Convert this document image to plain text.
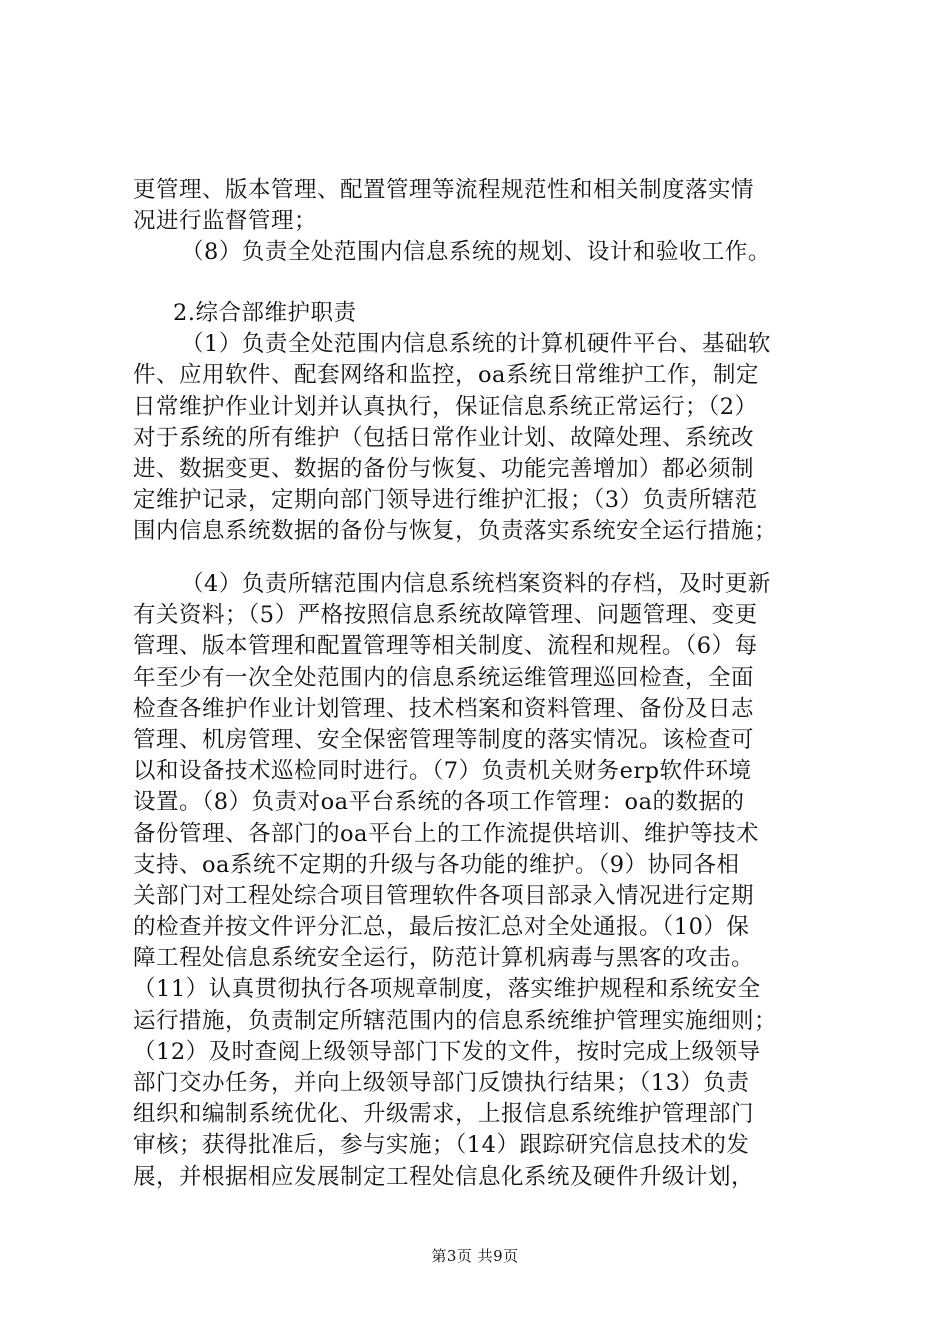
更管理、版本管理、配置管理等流程规范性和相关制度落实情
况进行监督管理；
（8）负责全处范围内信息系统的规划、设计和验收工作。
2.综合部维护职责
（1）负责全处范围内信息系统的计算机硬件平台、基础软
件、应用软件、配套网络和监控，oa系统日常维护工作，制定
日常维护作业计划并认真执行，保证信息系统正常运行；（2）
对于系统的所有维护（包括日常作业计划、故障处理、系统改
进、数据变更、数据的备份与恢复、功能完善增加）都必须制
定维护记录，定期向部门领导进行维护汇报；（3）负责所辖范
围内信息系统数据的备份与恢复，负责落实系统安全运行措施；
（4）负责所辖范围内信息系统档案资料的存档，及时更新
有关资料；（5）严格按照信息系统故障管理、问题管理、变更
管理、版本管理和配置管理等相关制度、流程和规程。（6）每
年至少有一次全处范围内的信息系统运维管理巡回检查，全面
检查各维护作业计划管理、技术档案和资料管理、备份及日志
管理、机房管理、安全保密管理等制度的落实情况。该检查可
以和设备技术巡检同时进行。（7）负责机关财务erp软件环境
设置。（8）负责对oa平台系统的各项工作管理：oa的数据的
备份管理、各部门的oa平台上的工作流提供培训、维护等技术
支持、oa系统不定期的升级与各功能的维护。（9）协同各相
关部门对工程处综合项目管理软件各项目部录入情况进行定期
的检查并按文件评分汇总，最后按汇总对全处通报。（10）保
障工程处信息系统安全运行，防范计算机病毒与黑客的攻击。
（11）认真贯彻执行各项规章制度，落实维护规程和系统安全
运行措施，负责制定所辖范围内的信息系统维护管理实施细则；
（12）及时查阅上级领导部门下发的文件，按时完成上级领导
部门交办任务，并向上级领导部门反馈执行结果；（13）负责
组织和编制系统优化、升级需求，上报信息系统维护管理部门
审核；获得批准后，参与实施；（14）跟踪研究信息技术的发
展，并根据相应发展制定工程处信息化系统及硬件升级计划，
第3页 共9页
